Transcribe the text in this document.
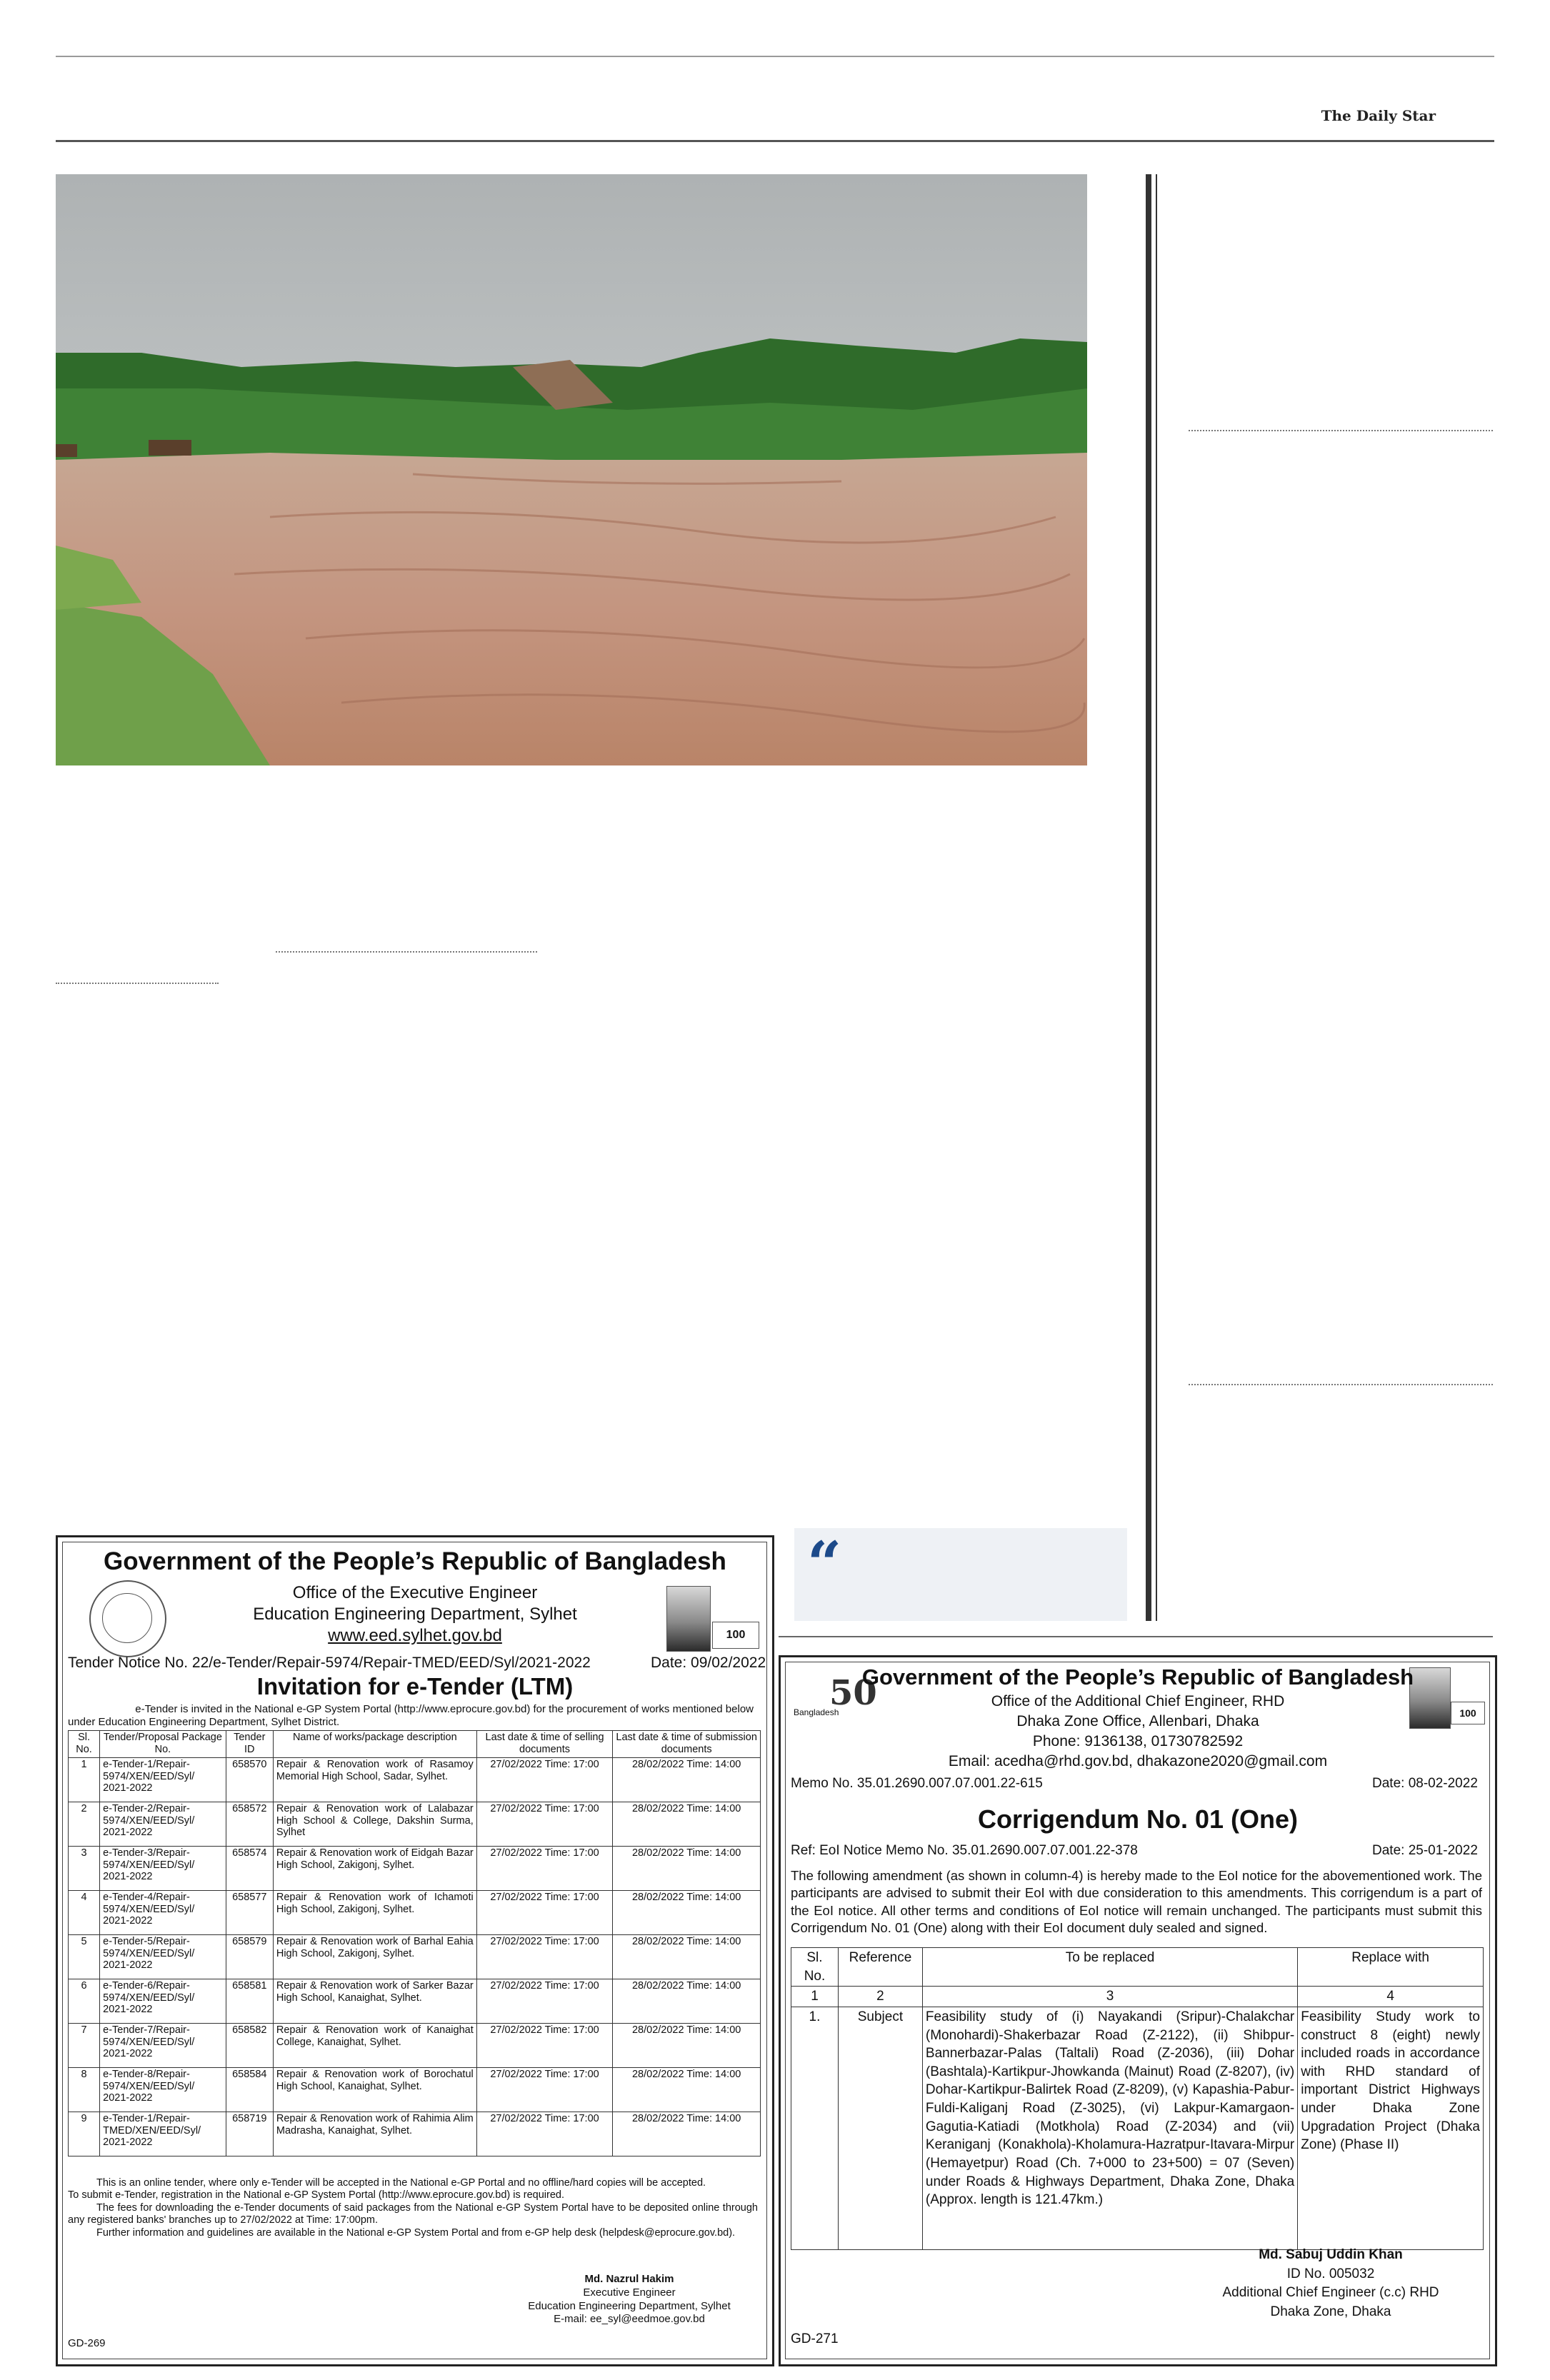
The Daily Star
“
Government of the People’s Republic of Bangladesh
100
Office of the Executive Engineer
Education Engineering Department, Sylhet
www.eed.sylhet.gov.bd
Tender Notice No. 22/e-Tender/Repair-5974/Repair-TMED/EED/Syl/2021-2022	Date: 09/02/2022
Invitation for e-Tender (LTM)
e-Tender is invited in the National e-GP System Portal (http://www.eprocure.gov.bd) for the procurement of works mentioned below
under Education Engineering Department, Sylhet District.
Sl. No.	Tender/Proposal Package No.	Tender ID	Name of works/package description	Last date & time of selling documents	Last date & time of submission documents
1	e-Tender-1/Repair-5974/XEN/EED/Syl/ 2021-2022	658570	Repair & Renovation work of Rasamoy Memorial High School, Sadar, Sylhet.	27/02/2022 Time: 17:00	28/02/2022 Time: 14:00
2	e-Tender-2/Repair-5974/XEN/EED/Syl/ 2021-2022	658572	Repair & Renovation work of Lalabazar High School & College, Dakshin Surma, Sylhet	27/02/2022 Time: 17:00	28/02/2022 Time: 14:00
3	e-Tender-3/Repair-5974/XEN/EED/Syl/ 2021-2022	658574	Repair & Renovation work of Eidgah Bazar High School, Zakigonj, Sylhet.	27/02/2022 Time: 17:00	28/02/2022 Time: 14:00
4	e-Tender-4/Repair-5974/XEN/EED/Syl/ 2021-2022	658577	Repair & Renovation work of Ichamoti High School, Zakigonj, Sylhet.	27/02/2022 Time: 17:00	28/02/2022 Time: 14:00
5	e-Tender-5/Repair-5974/XEN/EED/Syl/ 2021-2022	658579	Repair & Renovation work of Barhal Eahia High School, Zakigonj, Sylhet.	27/02/2022 Time: 17:00	28/02/2022 Time: 14:00
6	e-Tender-6/Repair-5974/XEN/EED/Syl/ 2021-2022	658581	Repair & Renovation work of Sarker Bazar High School, Kanaighat, Sylhet.	27/02/2022 Time: 17:00	28/02/2022 Time: 14:00
7	e-Tender-7/Repair-5974/XEN/EED/Syl/ 2021-2022	658582	Repair & Renovation work of Kanaighat College, Kanaighat, Sylhet.	27/02/2022 Time: 17:00	28/02/2022 Time: 14:00
8	e-Tender-8/Repair-5974/XEN/EED/Syl/ 2021-2022	658584	Repair & Renovation work of Borochatul High School, Kanaighat, Sylhet.	27/02/2022 Time: 17:00	28/02/2022 Time: 14:00
9	e-Tender-1/Repair-TMED/XEN/EED/Syl/ 2021-2022	658719	Repair & Renovation work of Rahimia Alim Madrasha, Kanaighat, Sylhet.	27/02/2022 Time: 17:00	28/02/2022 Time: 14:00
This is an online tender, where only e-Tender will be accepted in the National e-GP Portal and no offline/hard copies will be accepted.
To submit e-Tender, registration in the National e-GP System Portal (http://www.eprocure.gov.bd) is required.
The fees for downloading the e-Tender documents of said packages from the National e-GP System Portal have to be deposited online through any registered banks' branches up to 27/02/2022 at Time: 17:00pm.
Further information and guidelines are available in the National e-GP System Portal and from e-GP help desk (helpdesk@eprocure.gov.bd).
Md. Nazrul Hakim
Executive Engineer
Education Engineering Department, Sylhet
E-mail: ee_syl@eedmoe.gov.bd
GD-269
50
Bangladesh	100
Government of the People’s Republic of Bangladesh
Office of the Additional Chief Engineer, RHD
Dhaka Zone Office, Allenbari, Dhaka
Phone: 9136138, 01730782592
Email: acedha@rhd.gov.bd, dhakazone2020@gmail.com
Memo No. 35.01.2690.007.07.001.22-615	Date: 08-02-2022
Corrigendum No. 01 (One)
Ref: EoI Notice Memo No. 35.01.2690.007.07.001.22-378	Date: 25-01-2022
The following amendment (as shown in column-4) is hereby made to the EoI notice for the abovementioned work. The participants are advised to submit their EoI with due consideration to this amendments. This corrigendum is a part of the EoI notice. All other terms and conditions of EoI notice will remain unchanged. The participants must submit this Corrigendum No. 01 (One) along with their EoI document duly sealed and signed.
Sl. No.	Reference	To be replaced	Replace with
1	2	3	4
1.	Subject	Feasibility study of (i) Nayakandi (Sripur)-Chalakchar (Monohardi)-Shakerbazar Road (Z-2122), (ii) Shibpur-Bannerbazar-Palas (Taltali) Road (Z-2036), (iii) Dohar (Bashtala)-Kartikpur-Jhowkanda (Mainut) Road (Z-8207), (iv) Dohar-Kartikpur-Balirtek Road (Z-8209), (v) Kapashia-Pabur-Fuldi-Kaliganj Road (Z-3025), (vi) Lakpur-Kamargaon-Gagutia-Katiadi (Motkhola) Road (Z-2034) and (vii) Keraniganj (Konakhola)-Kholamura-Hazratpur-Itavara-Mirpur (Hemayetpur) Road (Ch. 7+000 to 23+500) = 07 (Seven) under Roads & Highways Department, Dhaka Zone, Dhaka (Approx. length is 121.47km.)	Feasibility Study work to construct 8 (eight) newly included roads in accordance with RHD standard of important District Highways under Dhaka Zone Upgradation Project (Dhaka Zone) (Phase II)
Md. Sabuj Uddin Khan
ID No. 005032
Additional Chief Engineer (c.c) RHD
Dhaka Zone, Dhaka
GD-271
